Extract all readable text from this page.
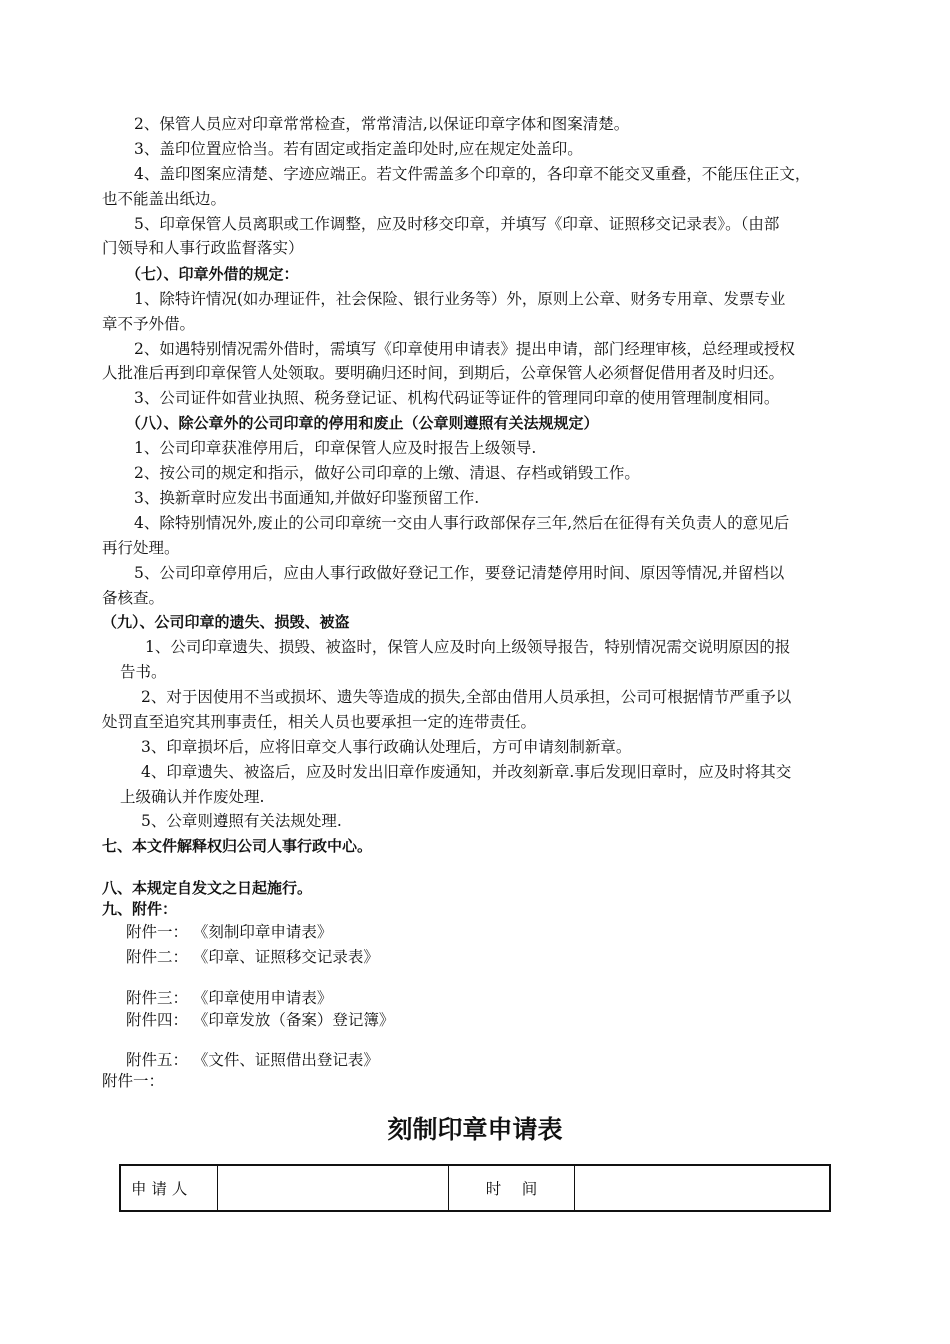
2、保管人员应对印章常常检查，常常清洁,以保证印章字体和图案清楚。
3、盖印位置应恰当。若有固定或指定盖印处时,应在规定处盖印。
4、盖印图案应清楚、字迹应端正。若文件需盖多个印章的，各印章不能交叉重叠，不能压住正文，
也不能盖出纸边。
5、印章保管人员离职或工作调整，应及时移交印章，并填写《印章、证照移交记录表》。（由部
门领导和人事行政监督落实）
（七）、印章外借的规定：
1、除特许情况(如办理证件，社会保险、银行业务等）外，原则上公章、财务专用章、发票专业
章不予外借。
2、如遇特别情况需外借时，需填写《印章使用申请表》提出申请，部门经理审核，总经理或授权
人批准后再到印章保管人处领取。要明确归还时间，到期后，公章保管人必须督促借用者及时归还。
3、公司证件如营业执照、税务登记证、机构代码证等证件的管理同印章的使用管理制度相同。
（八）、除公章外的公司印章的停用和废止（公章则遵照有关法规规定）
1、公司印章获准停用后，印章保管人应及时报告上级领导.
2、按公司的规定和指示，做好公司印章的上缴、清退、存档或销毁工作。
3、换新章时应发出书面通知,并做好印鉴预留工作.
4、除特别情况外,废止的公司印章统一交由人事行政部保存三年,然后在征得有关负责人的意见后
再行处理。
5、公司印章停用后，应由人事行政做好登记工作，要登记清楚停用时间、原因等情况,并留档以
备核查。
（九）、公司印章的遗失、损毁、被盗
1、公司印章遗失、损毁、被盗时，保管人应及时向上级领导报告，特别情况需交说明原因的报
告书。
2、对于因使用不当或损坏、遗失等造成的损失,全部由借用人员承担，公司可根据情节严重予以
处罚直至追究其刑事责任，相关人员也要承担一定的连带责任。
3、印章损坏后，应将旧章交人事行政确认处理后，方可申请刻制新章。
4、印章遗失、被盗后，应及时发出旧章作废通知，并改刻新章.事后发现旧章时，应及时将其交
上级确认并作废处理.
5、公章则遵照有关法规处理.
七、本文件解释权归公司人事行政中心。
八、本规定自发文之日起施行。
九、附件：
附件一： 《刻制印章申请表》
附件二： 《印章、证照移交记录表》
附件三： 《印章使用申请表》
附件四： 《印章发放（备案）登记簿》
附件五： 《文件、证照借出登记表》
附件一：
刻制印章申请表
申 请 人		时　 间	
